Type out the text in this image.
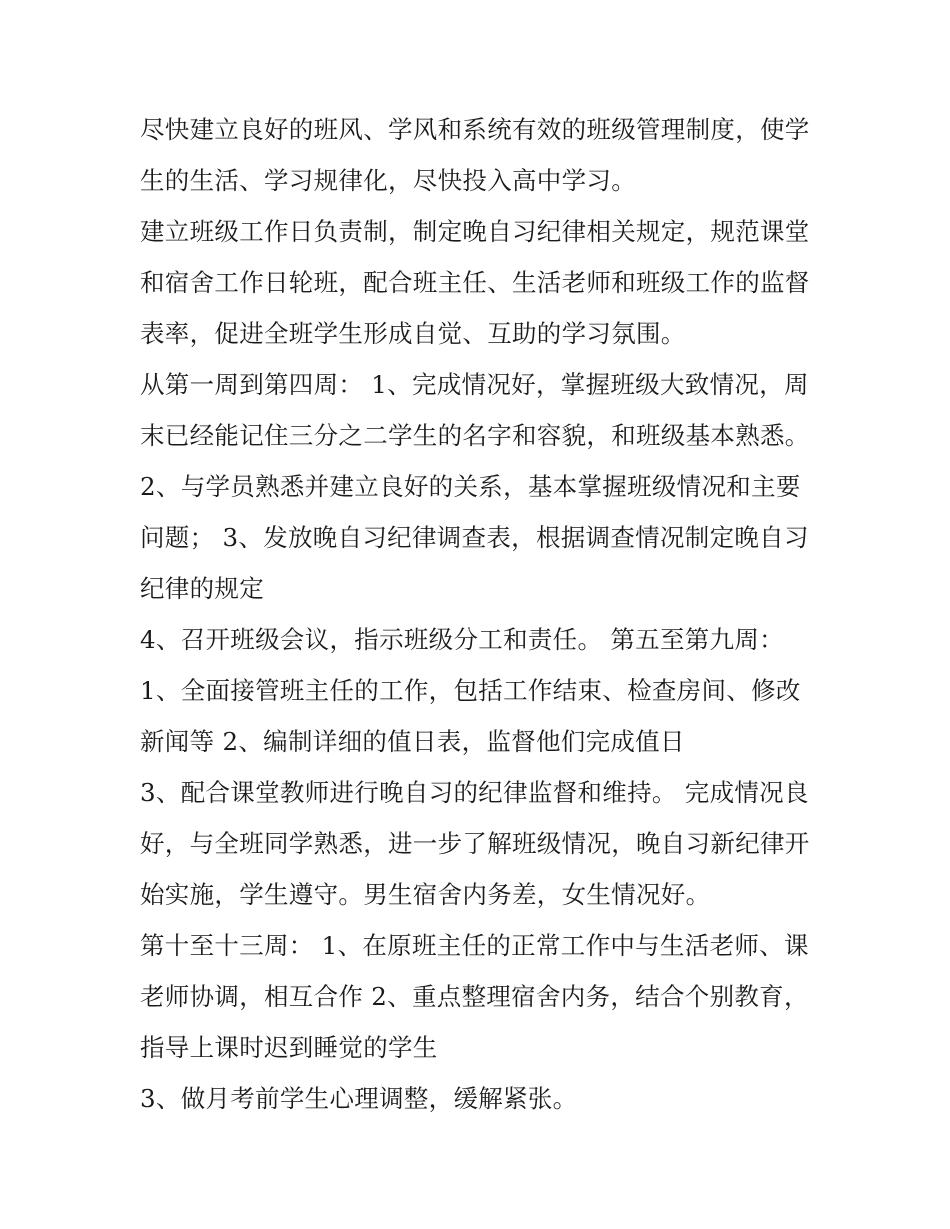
尽快建立良好的班风、学风和系统有效的班级管理制度，使学
生的生活、学习规律化，尽快投入高中学习。
建立班级工作日负责制，制定晚自习纪律相关规定，规范课堂
和宿舍工作日轮班，配合班主任、生活老师和班级工作的监督
表率，促进全班学生形成自觉、互助的学习氛围。
从第一周到第四周： 1、完成情况好，掌握班级大致情况，周
末已经能记住三分之二学生的名字和容貌，和班级基本熟悉。
2、与学员熟悉并建立良好的关系，基本掌握班级情况和主要
问题； 3、发放晚自习纪律调查表，根据调查情况制定晚自习
纪律的规定
4、召开班级会议，指示班级分工和责任。 第五至第九周：
1、全面接管班主任的工作，包括工作结束、检查房间、修改
新闻等 2、编制详细的值日表，监督他们完成值日
3、配合课堂教师进行晚自习的纪律监督和维持。 完成情况良
好，与全班同学熟悉，进一步了解班级情况，晚自习新纪律开
始实施，学生遵守。男生宿舍内务差，女生情况好。
第十至十三周： 1、在原班主任的正常工作中与生活老师、课
老师协调，相互合作 2、重点整理宿舍内务，结合个别教育，
指导上课时迟到睡觉的学生
3、做月考前学生心理调整，缓解紧张。
